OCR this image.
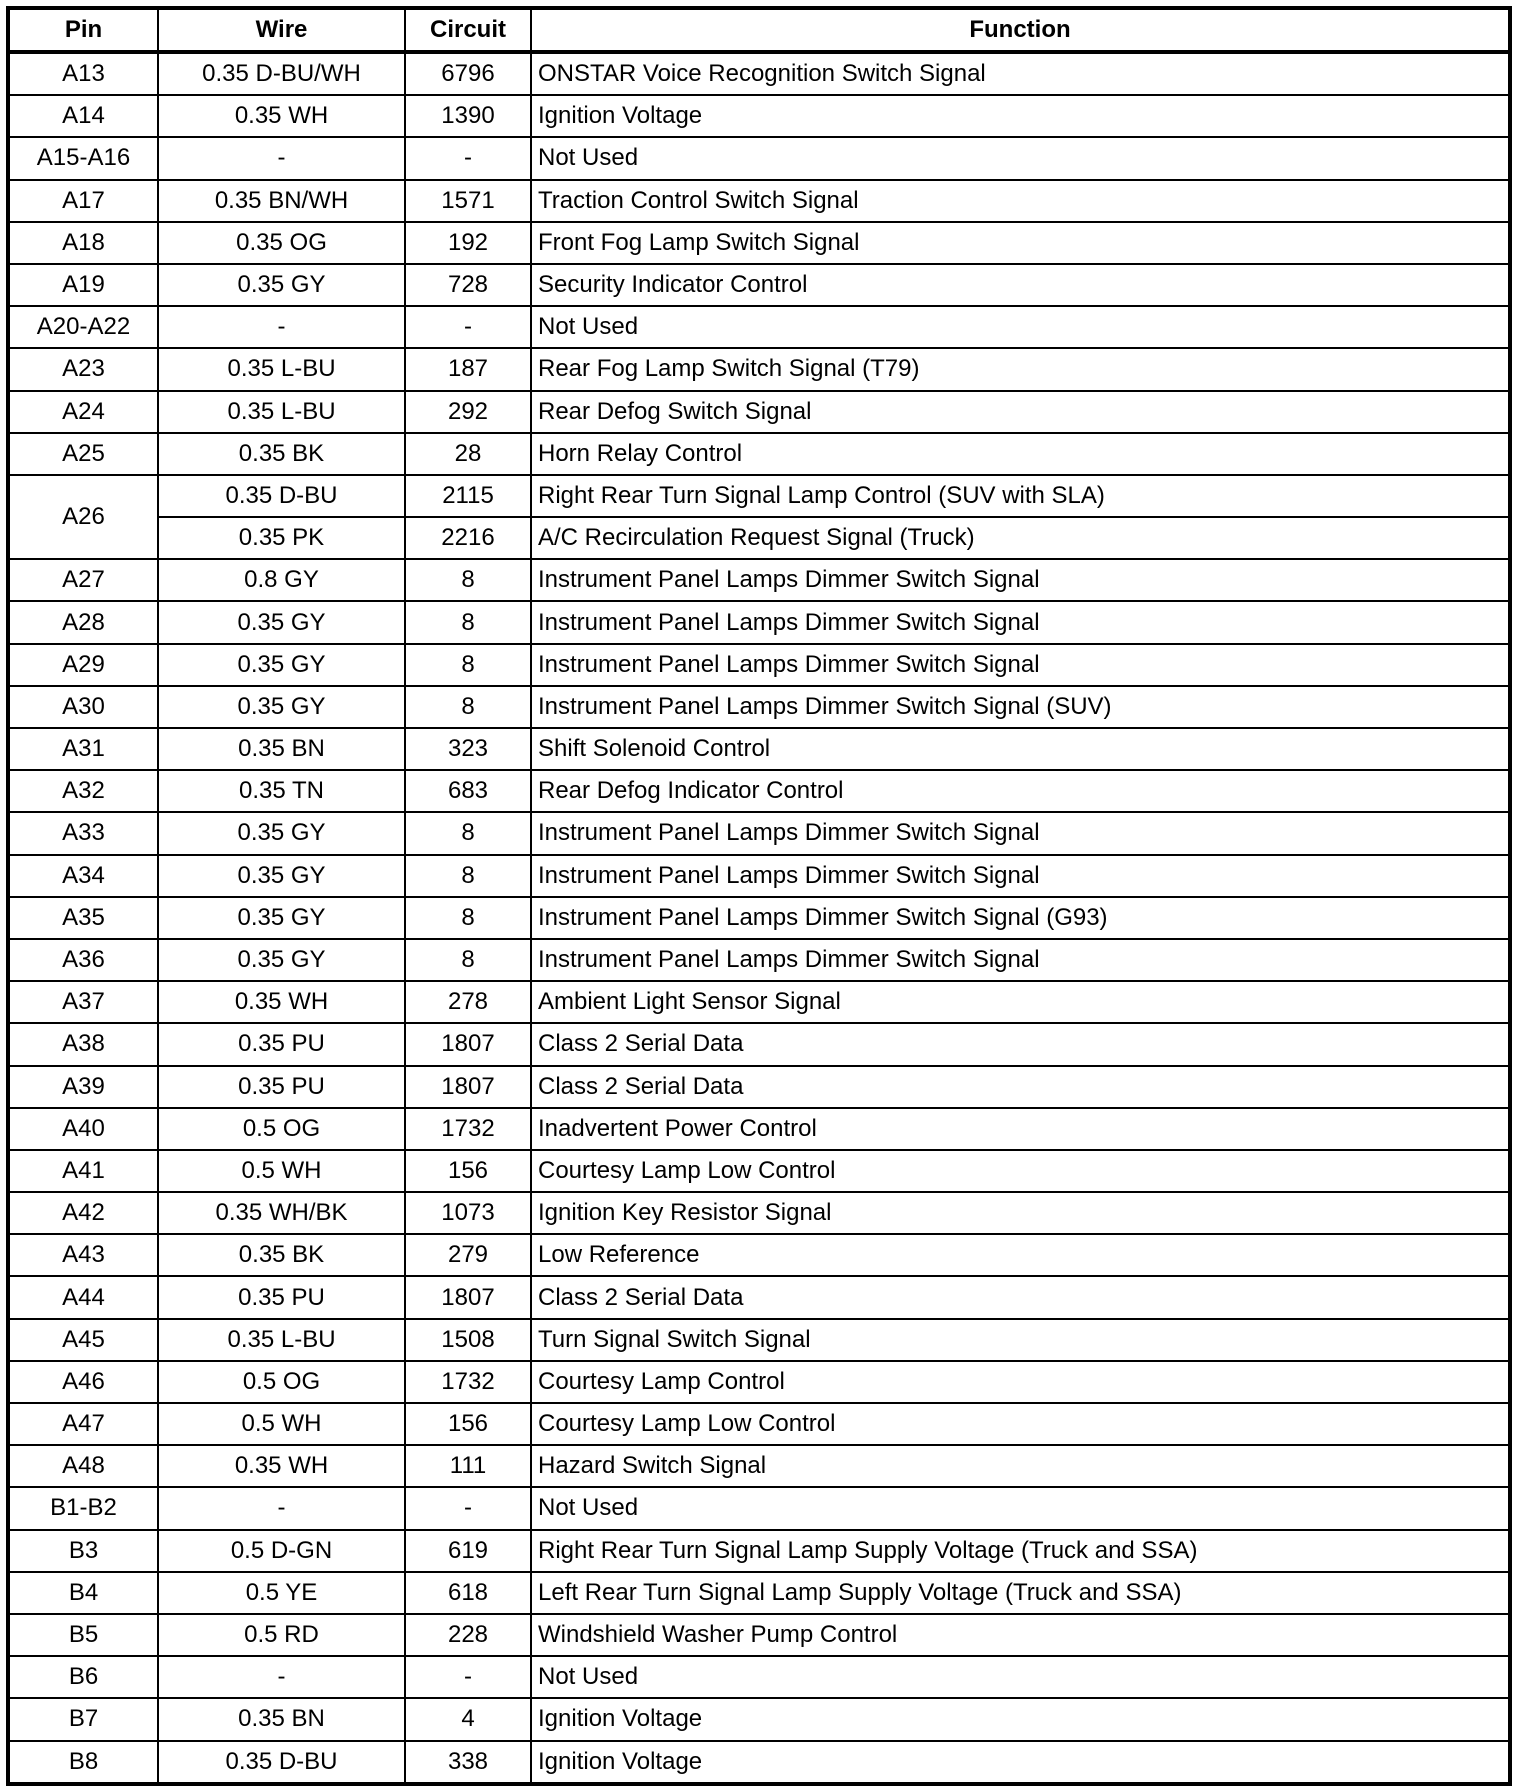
Pin	Wire	Circuit	Function
A13	0.35 D-BU/WH	6796	ONSTAR Voice Recognition Switch Signal
A14	0.35 WH	1390	Ignition Voltage
A15-A16	-	-	Not Used
A17	0.35 BN/WH	1571	Traction Control Switch Signal
A18	0.35 OG	192	Front Fog Lamp Switch Signal
A19	0.35 GY	728	Security Indicator Control
A20-A22	-	-	Not Used
A23	0.35 L-BU	187	Rear Fog Lamp Switch Signal (T79)
A24	0.35 L-BU	292	Rear Defog Switch Signal
A25	0.35 BK	28	Horn Relay Control
A26	0.35 D-BU	2115	Right Rear Turn Signal Lamp Control (SUV with SLA)
	0.35 PK	2216	A/C Recirculation Request Signal (Truck)
A27	0.8 GY	8	Instrument Panel Lamps Dimmer Switch Signal
A28	0.35 GY	8	Instrument Panel Lamps Dimmer Switch Signal
A29	0.35 GY	8	Instrument Panel Lamps Dimmer Switch Signal
A30	0.35 GY	8	Instrument Panel Lamps Dimmer Switch Signal (SUV)
A31	0.35 BN	323	Shift Solenoid Control
A32	0.35 TN	683	Rear Defog Indicator Control
A33	0.35 GY	8	Instrument Panel Lamps Dimmer Switch Signal
A34	0.35 GY	8	Instrument Panel Lamps Dimmer Switch Signal
A35	0.35 GY	8	Instrument Panel Lamps Dimmer Switch Signal (G93)
A36	0.35 GY	8	Instrument Panel Lamps Dimmer Switch Signal
A37	0.35 WH	278	Ambient Light Sensor Signal
A38	0.35 PU	1807	Class 2 Serial Data
A39	0.35 PU	1807	Class 2 Serial Data
A40	0.5 OG	1732	Inadvertent Power Control
A41	0.5 WH	156	Courtesy Lamp Low Control
A42	0.35 WH/BK	1073	Ignition Key Resistor Signal
A43	0.35 BK	279	Low Reference
A44	0.35 PU	1807	Class 2 Serial Data
A45	0.35 L-BU	1508	Turn Signal Switch Signal
A46	0.5 OG	1732	Courtesy Lamp Control
A47	0.5 WH	156	Courtesy Lamp Low Control
A48	0.35 WH	111	Hazard Switch Signal
B1-B2	-	-	Not Used
B3	0.5 D-GN	619	Right Rear Turn Signal Lamp Supply Voltage (Truck and SSA)
B4	0.5 YE	618	Left Rear Turn Signal Lamp Supply Voltage (Truck and SSA)
B5	0.5 RD	228	Windshield Washer Pump Control
B6	-	-	Not Used
B7	0.35 BN	4	Ignition Voltage
B8	0.35 D-BU	338	Ignition Voltage
